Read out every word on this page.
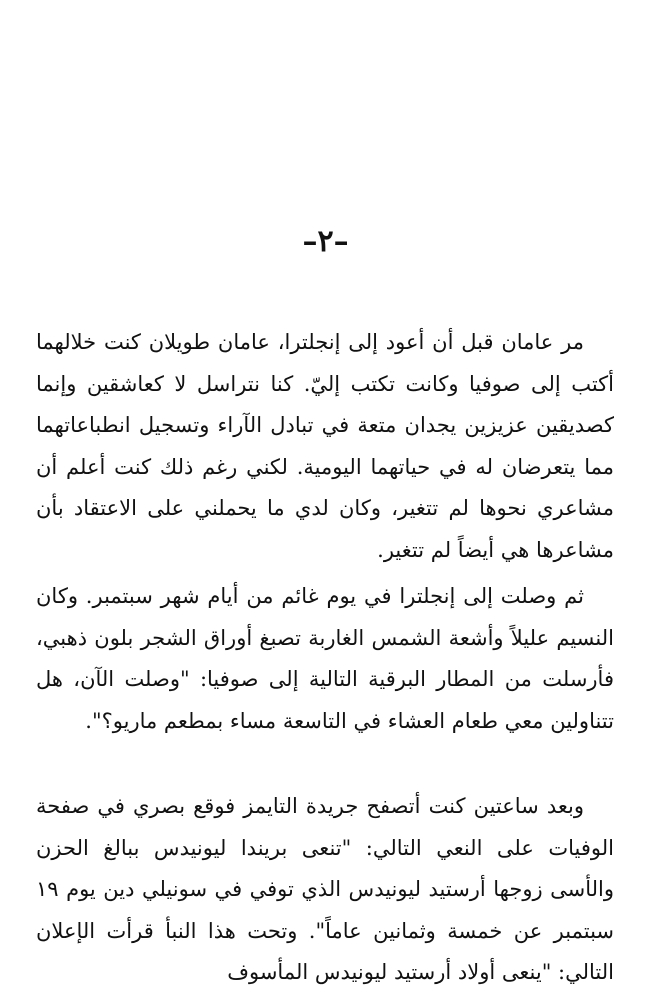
–٢–

مر عامان قبل أن أعود إلى إنجلترا، عامان طويلان كنت خلالهما أكتب إلى صوفيا وكانت تكتب إليّ. كنا نتراسل لا كعاشقين وإنما كصديقين عزيزين يجدان متعة في تبادل الآراء وتسجيل انطباعاتهما مما يتعرضان له في حياتهما اليومية. لكني رغم ذلك كنت أعلم أن مشاعري نحوها لم تتغير، وكان لدي ما يحملني على الاعتقاد بأن مشاعرها هي أيضاً لم تتغير.

ثم وصلت إلى إنجلترا في يوم غائم من أيام شهر سبتمبر. وكان النسيم عليلاً وأشعة الشمس الغاربة تصبغ أوراق الشجر بلون ذهبي، فأرسلت من المطار البرقية التالية إلى صوفيا: "وصلت الآن، هل تتناولين معي طعام العشاء في التاسعة مساء بمطعم ماريو؟".

وبعد ساعتين كنت أتصفح جريدة التايمز فوقع بصري في صفحة الوفيات على النعي التالي: "تنعى بريندا ليونيدس ببالغ الحزن والأسى زوجها أرستيد ليونيدس الذي توفي في سونيلي دين يوم ١٩ سبتمبر عن خمسة وثمانين عاماً". وتحت هذا النبأ قرأت الإعلان التالي: "ينعى أولاد أرستيد ليونيدس المأسوف
